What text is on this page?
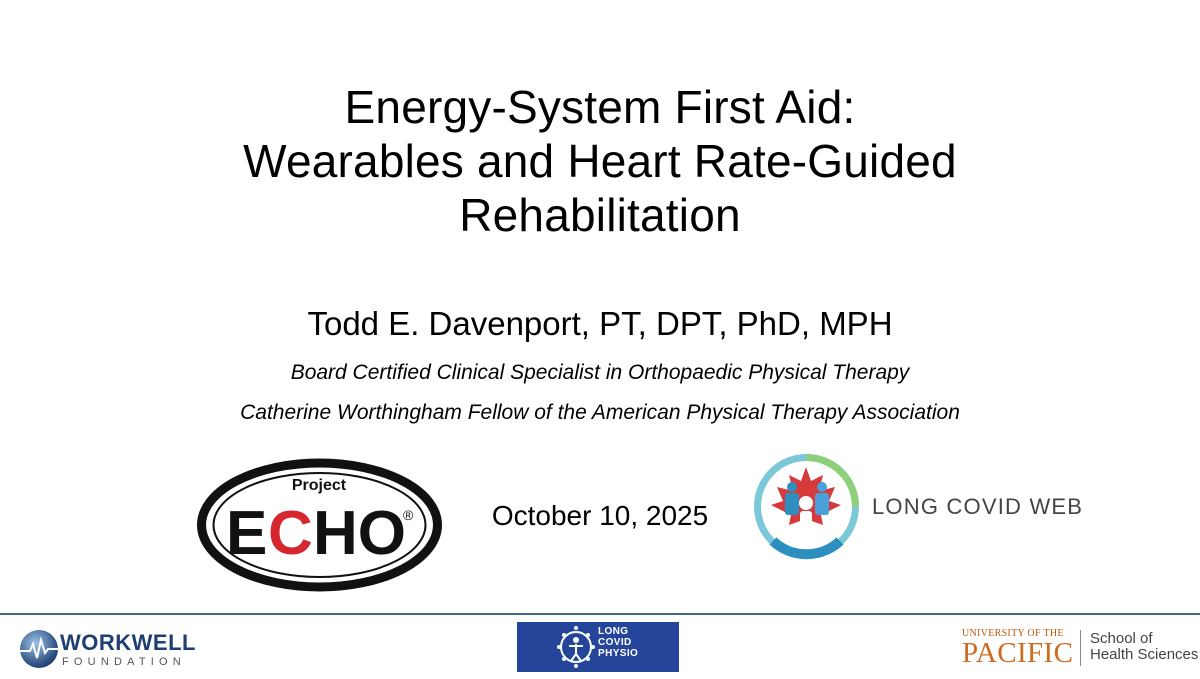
Energy-System First Aid:
Wearables and Heart Rate-Guided
Rehabilitation
Todd E. Davenport, PT, DPT, PhD, MPH
Board Certified Clinical Specialist in Orthopaedic Physical Therapy
Catherine Worthingham Fellow of the American Physical Therapy Association
Project
E C HO
®	October 10, 2025	LONG COVID WEB
WORKWELL
FOUNDATION
LONG
COVID
PHYSIO
UNIVERSITY OF THE
PACIFIC School of
Health Sciences
